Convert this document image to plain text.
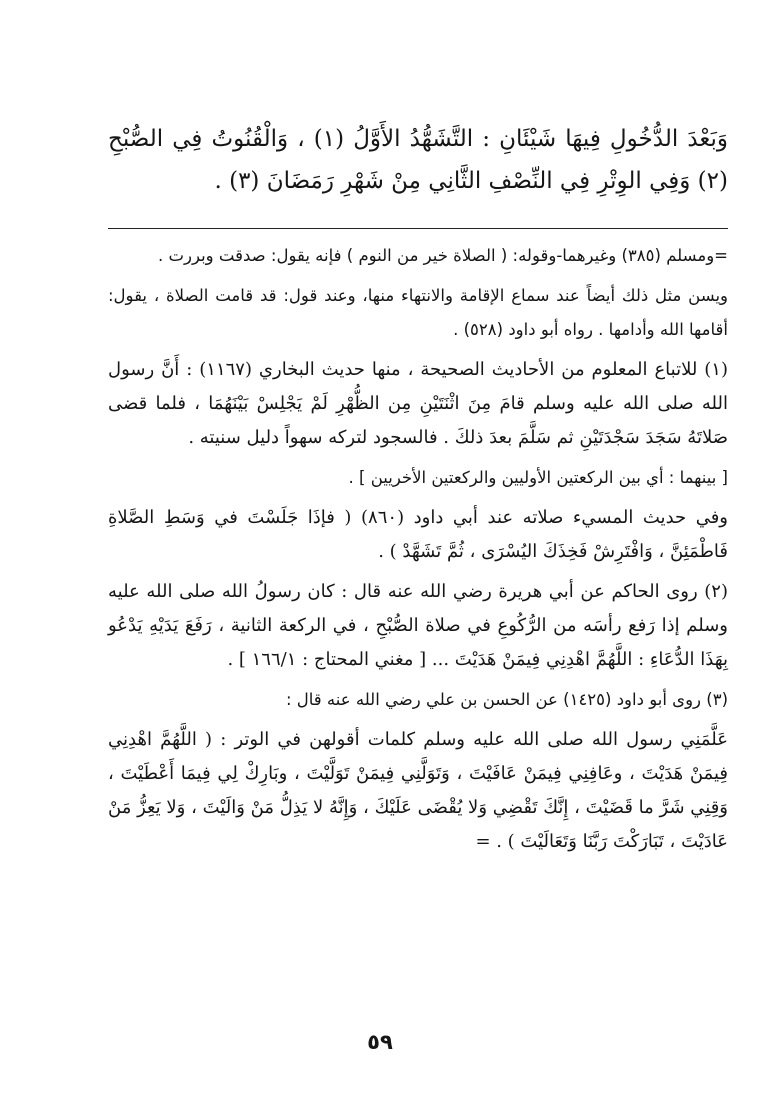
وَبَعْدَ الدُّخُولِ فِيهَا شَيْئَانِ : التَّشَهُّدُ الأَوَّلُ (١) ، وَالْقُنُوتُ فِي الصُّبْحِ (٢) وَفِي الوِتْرِ فِي النِّصْفِ الثَّانِي مِنْ شَهْرِ رَمَضَانَ (٣) .

=ومسلم (٣٨٥) وغيرهما-وقوله: ( الصلاة خير من النوم ) فإنه يقول: صدقت وبررت .

ويسن مثل ذلك أيضاً عند سماع الإقامة والانتهاء منها، وعند قول: قد قامت الصلاة ، يقول: أقامها الله وأدامها . رواه أبو داود (٥٢٨) .

(١) للاتباع المعلوم من الأحاديث الصحيحة ، منها حديث البخاري (١١٦٧) : أَنَّ رسول الله صلى الله عليه وسلم قامَ مِنَ اثْنَتَيْنِ مِن الظُّهْرِ لَمْ يَجْلِسْ بَيْنَهُمَا ، فلما قضى صَلاتَهُ سَجَدَ سَجْدَتَيْنِ ثم سَلَّمَ بعدَ ذلكَ . فالسجود لتركه سهواً دليل سنيته .

[ بينهما : أي بين الركعتين الأوليين والركعتين الأخريين ] .

وفي حديث المسيء صلاته عند أبي داود (٨٦٠) ( فإذَا جَلَسْتَ في وَسَطِ الصَّلاةِ فَاطْمَئِنَّ ، وَافْتَرِشْ فَخِذَكَ اليُسْرَى ، ثُمَّ تَشَهَّدْ ) .

(٢) روى الحاكم عن أبي هريرة رضي الله عنه قال : كان رسولُ الله صلى الله عليه وسلم إذا رَفع رأسَه من الرُّكُوعِ في صلاة الصُّبْحِ ، في الركعة الثانية ، رَفَعَ يَدَيْهِ يَدْعُو بِهَذَا الدُّعَاءِ : اللَّهُمَّ اهْدِنِي فِيمَنْ هَدَيْتَ ... [ مغني المحتاج : ١٦٦/١ ] .

(٣) روى أبو داود (١٤٢٥) عن الحسن بن علي رضي الله عنه قال :

عَلَّمَنِي رسول الله صلى الله عليه وسلم كلمات أقولهن في الوتر : ( اللَّهُمَّ اهْدِنِي فِيمَنْ هَدَيْتَ ، وعَافِنِي فِيمَنْ عَافَيْتَ ، وَتَوَلَّنِي فِيمَنْ تَوَلَّيْتَ ، وبَارِكْ لِي فِيمَا أَعْطَيْتَ ، وَقِنِي شَرَّ ما قَضَيْتَ ، إِنَّكَ تَقْضِي وَلا يُقْضَى عَلَيْكَ ، وَإِنَّهُ لا يَذِلُّ مَنْ وَالَيْتَ ، وَلا يَعِزُّ مَنْ عَادَيْتَ ، تَبَارَكْتَ رَبَّنَا وَتَعَالَيْتَ ) . =

٥٩
